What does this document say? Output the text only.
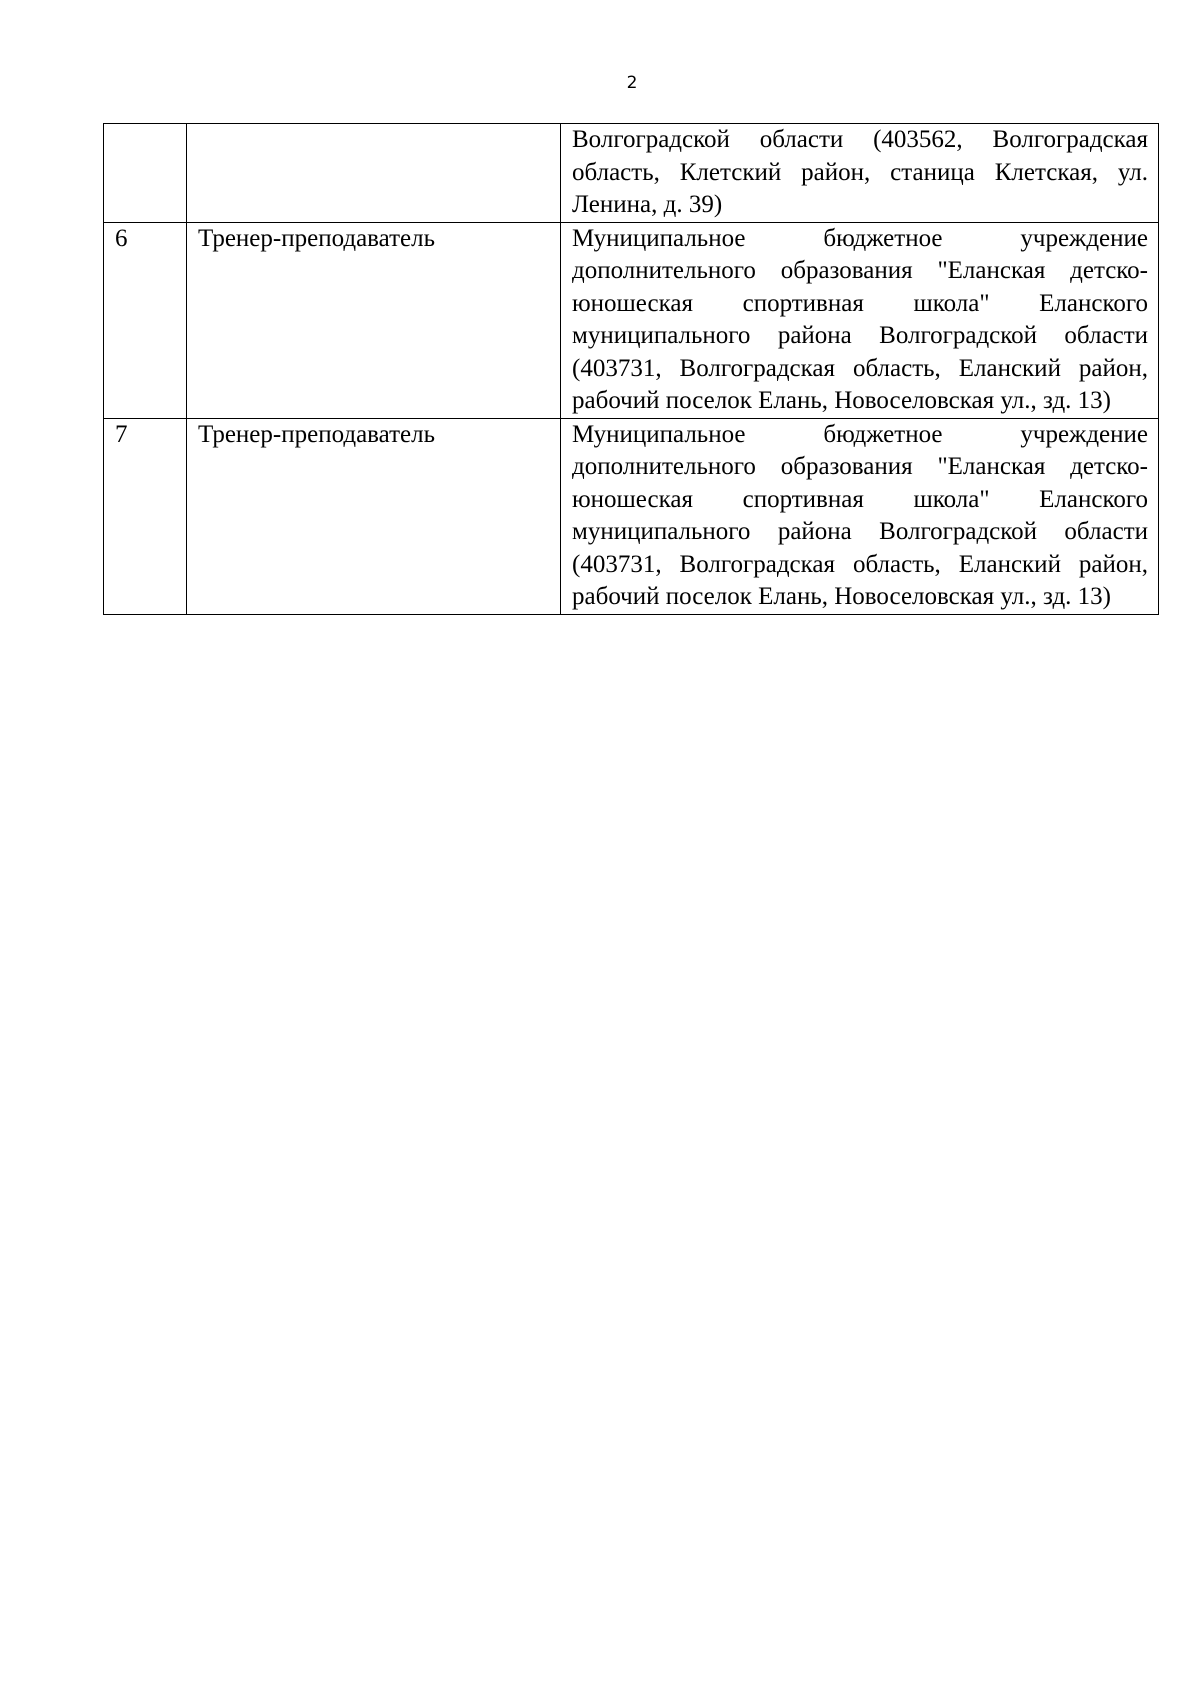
2

		Волгоградской области (403562, Волгоградская область, Клетский район, станица Клетская, ул. Ленина, д. 39)

6	Тренер-преподаватель	Муниципальное бюджетное учреждение дополнительного образования "Еланская детско-юношеская спортивная школа" Еланского муниципального района Волгоградской области (403731, Волгоградская область, Еланский район, рабочий поселок Елань, Новоселовская ул., зд. 13)

7	Тренер-преподаватель	Муниципальное бюджетное учреждение дополнительного образования "Еланская детско-юношеская спортивная школа" Еланского муниципального района Волгоградской области (403731, Волгоградская область, Еланский район, рабочий поселок Елань, Новоселовская ул., зд. 13)
